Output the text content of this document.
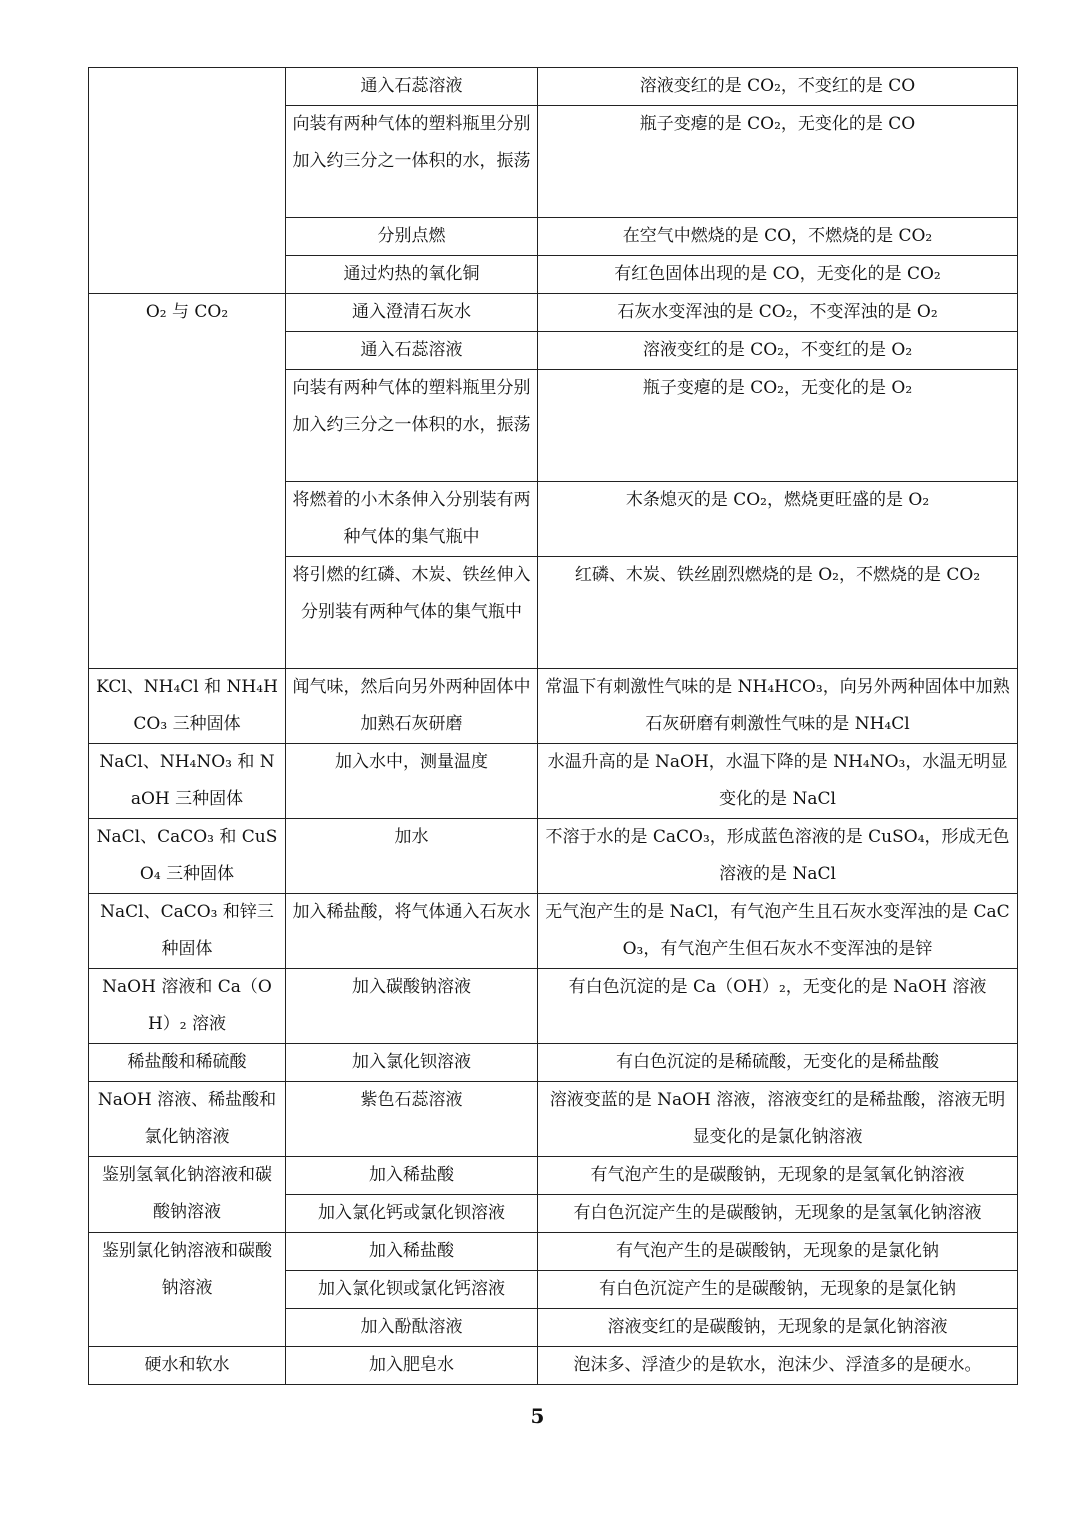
	通入石蕊溶液	溶液变红的是 CO₂，不变红的是 CO
	向装有两种气体的塑料瓶里分别加入约三分之一体积的水，振荡	瓶子变瘪的是 CO₂，无变化的是 CO
	分别点燃	在空气中燃烧的是 CO，不燃烧的是 CO₂
	通过灼热的氧化铜	有红色固体出现的是 CO，无变化的是 CO₂
O₂ 与 CO₂	通入澄清石灰水	石灰水变浑浊的是 CO₂，不变浑浊的是 O₂
	通入石蕊溶液	溶液变红的是 CO₂，不变红的是 O₂
	向装有两种气体的塑料瓶里分别加入约三分之一体积的水，振荡	瓶子变瘪的是 CO₂，无变化的是 O₂
	将燃着的小木条伸入分别装有两种气体的集气瓶中	木条熄灭的是 CO₂，燃烧更旺盛的是 O₂
	将引燃的红磷、木炭、铁丝伸入分别装有两种气体的集气瓶中	红磷、木炭、铁丝剧烈燃烧的是 O₂，不燃烧的是 CO₂
KCl、NH₄Cl 和 NH₄HCO₃ 三种固体	闻气味，然后向另外两种固体中加熟石灰研磨	常温下有刺激性气味的是 NH₄HCO₃，向另外两种固体中加熟石灰研磨有刺激性气味的是 NH₄Cl
NaCl、NH₄NO₃ 和 NaOH 三种固体	加入水中，测量温度	水温升高的是 NaOH，水温下降的是 NH₄NO₃，水温无明显变化的是 NaCl
NaCl、CaCO₃ 和 CuSO₄ 三种固体	加水	不溶于水的是 CaCO₃，形成蓝色溶液的是 CuSO₄，形成无色溶液的是 NaCl
NaCl、CaCO₃ 和锌三种固体	加入稀盐酸，将气体通入石灰水	无气泡产生的是 NaCl，有气泡产生且石灰水变浑浊的是 CaCO₃，有气泡产生但石灰水不变浑浊的是锌
NaOH 溶液和 Ca（OH）₂ 溶液	加入碳酸钠溶液	有白色沉淀的是 Ca（OH）₂，无变化的是 NaOH 溶液
稀盐酸和稀硫酸	加入氯化钡溶液	有白色沉淀的是稀硫酸，无变化的是稀盐酸
NaOH 溶液、稀盐酸和氯化钠溶液	紫色石蕊溶液	溶液变蓝的是 NaOH 溶液，溶液变红的是稀盐酸，溶液无明显变化的是氯化钠溶液
鉴别氢氧化钠溶液和碳酸钠溶液	加入稀盐酸	有气泡产生的是碳酸钠，无现象的是氢氧化钠溶液
	加入氯化钙或氯化钡溶液	有白色沉淀产生的是碳酸钠，无现象的是氢氧化钠溶液
鉴别氯化钠溶液和碳酸钠溶液	加入稀盐酸	有气泡产生的是碳酸钠，无现象的是氯化钠
	加入氯化钡或氯化钙溶液	有白色沉淀产生的是碳酸钠，无现象的是氯化钠
	加入酚酞溶液	溶液变红的是碳酸钠，无现象的是氯化钠溶液
硬水和软水	加入肥皂水	泡沫多、浮渣少的是软水，泡沫少、浮渣多的是硬水。
5
